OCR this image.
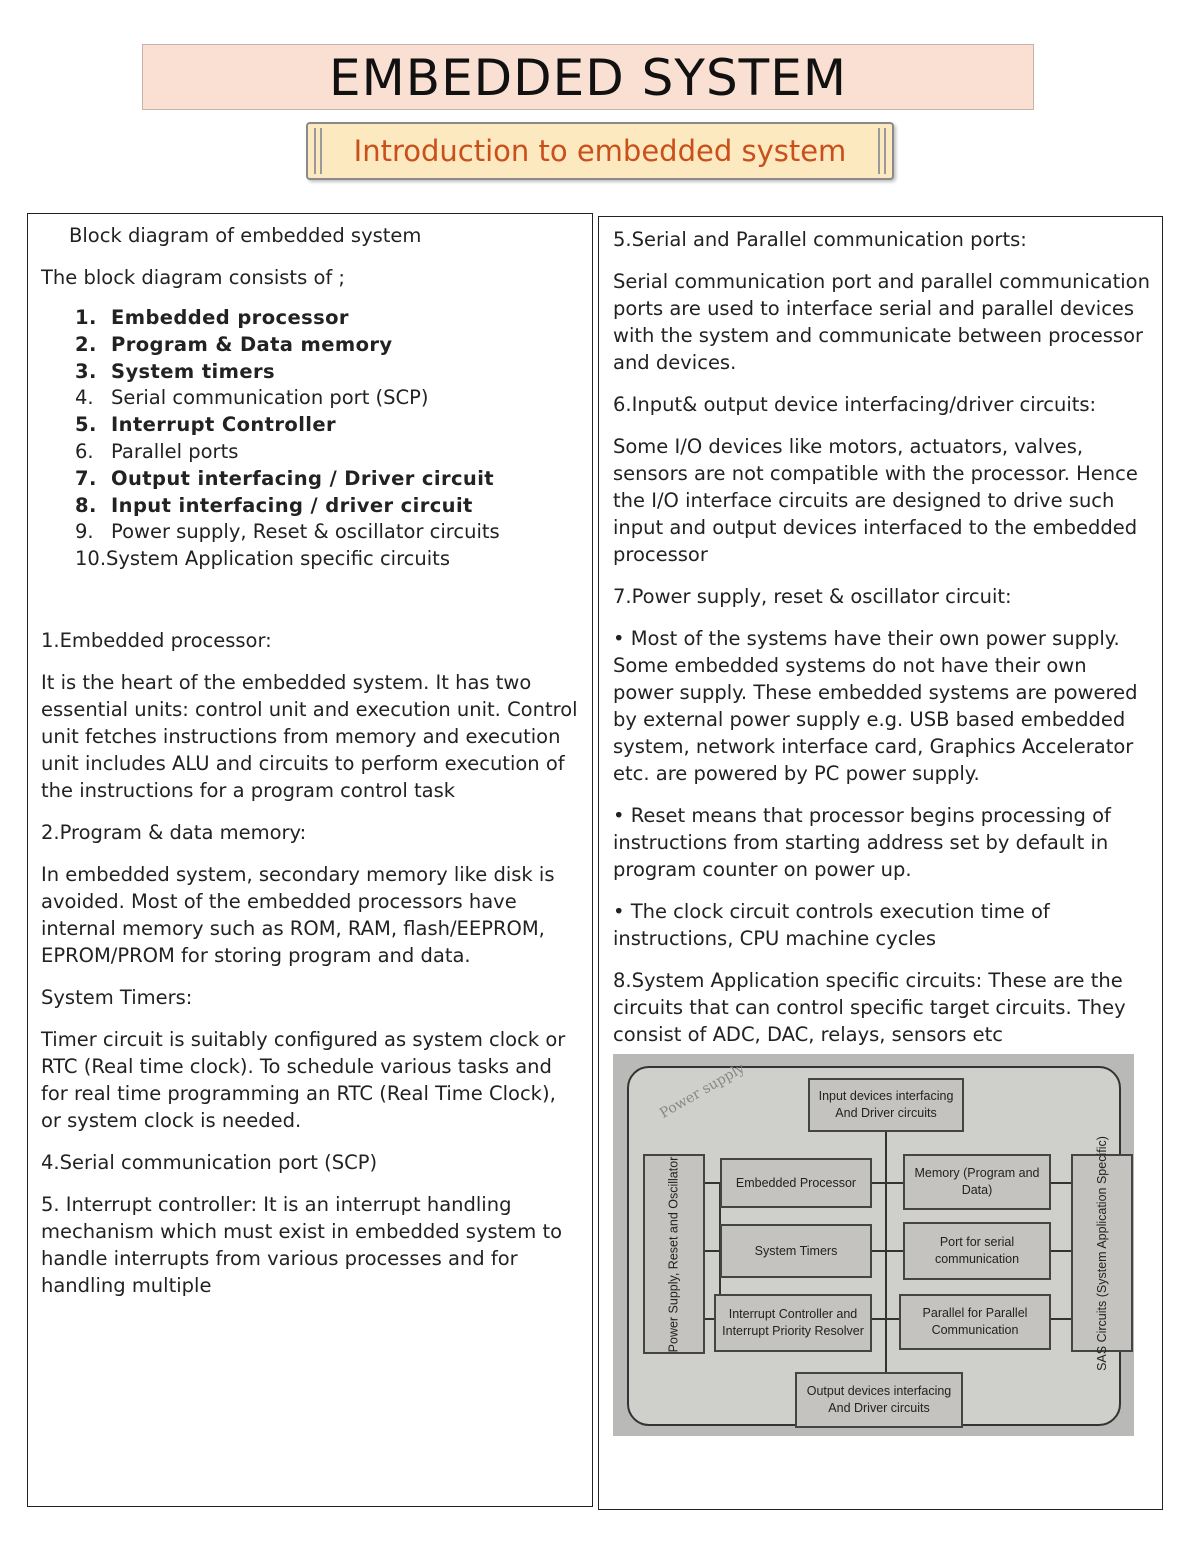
EMBEDDED SYSTEM
Introduction to embedded system

Block diagram of embedded system

The block diagram consists of ;

1. Embedded processor
2. Program & Data memory
3. System timers
4. Serial communication port (SCP)
5. Interrupt Controller
6. Parallel ports
7. Output interfacing / Driver circuit
8. Input interfacing / driver circuit
9. Power supply, Reset & oscillator circuits
10.System Application specific circuits

1.Embedded processor:

It is the heart of the embedded system. It has two essential units: control unit and execution unit. Control unit fetches instructions from memory and execution unit includes ALU and circuits to perform execution of the instructions for a program control task

2.Program & data memory:

In embedded system, secondary memory like disk is avoided. Most of the embedded processors have internal memory such as ROM, RAM, flash/EEPROM, EPROM/PROM for storing program and data.

System Timers:

Timer circuit is suitably configured as system clock or RTC (Real time clock). To schedule various tasks and for real time programming an RTC (Real Time Clock), or system clock is needed.

4.Serial communication port (SCP)

5. Interrupt controller: It is an interrupt handling mechanism which must exist in embedded system to handle interrupts from various processes and for handling multiple

5.Serial and Parallel communication ports:

Serial communication port and parallel communication ports are used to interface serial and parallel devices with the system and communicate between processor and devices.

6.Input& output device interfacing/driver circuits:

Some I/O devices like motors, actuators, valves, sensors are not compatible with the processor. Hence the I/O interface circuits are designed to drive such input and output devices interfaced to the embedded processor

7.Power supply, reset & oscillator circuit:

• Most of the systems have their own power supply. Some embedded systems do not have their own power supply. These embedded systems are powered by external power supply e.g. USB based embedded system, network interface card, Graphics Accelerator etc. are powered by PC power supply.

• Reset means that processor begins processing of instructions from starting address set by default in program counter on power up.

• The clock circuit controls execution time of instructions, CPU machine cycles

8.System Application specific circuits: These are the circuits that can control specific target circuits. They consist of ADC, DAC, relays, sensors etc

Power supply	Input devices interfacing And Driver circuits
Power Supply, Reset and Oscillator	Embedded Processor
Memory (Program and Data)
System Timers
Port for serial communication
Interrupt Controller and Interrupt Priority Resolver
Parallel for Parallel Communication	SAS Circuits (System Application Specific)
Output devices interfacing And Driver circuits
